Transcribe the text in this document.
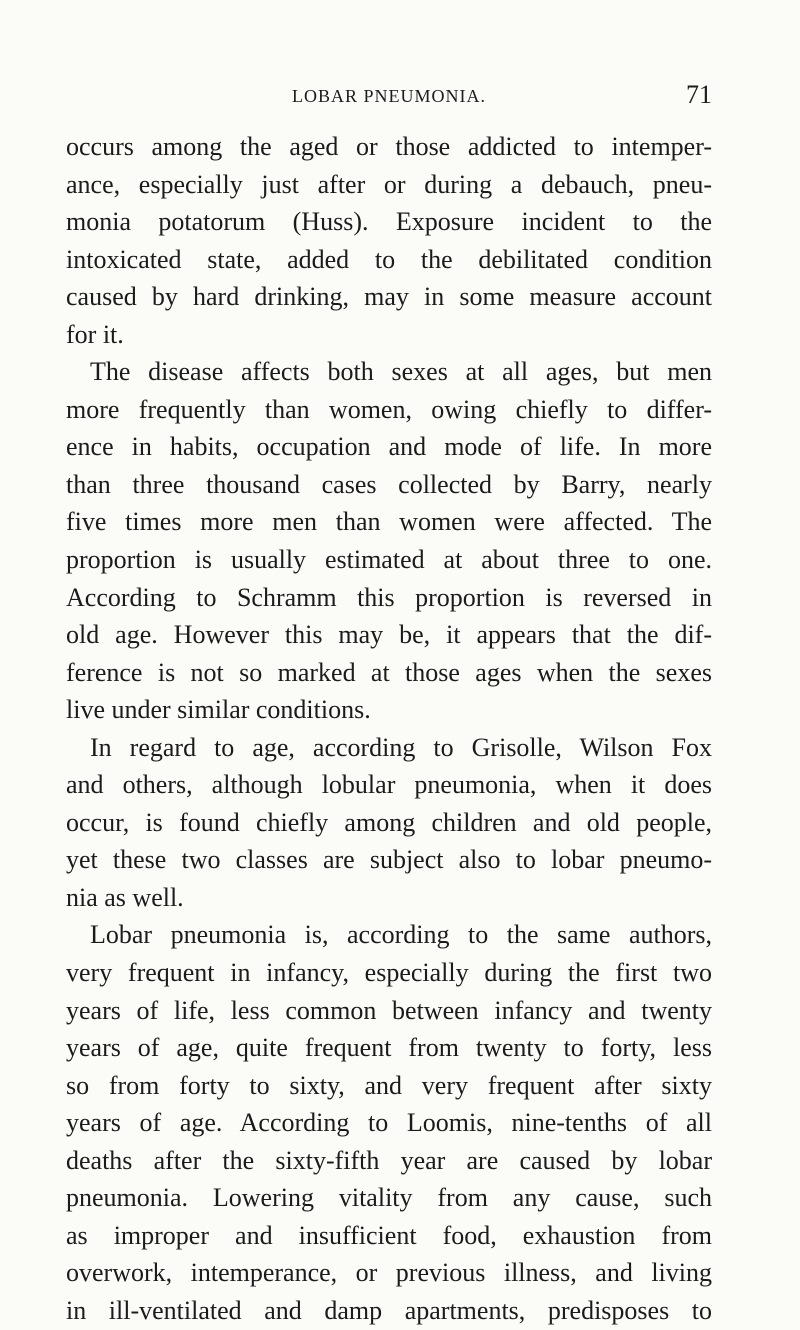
LOBAR PNEUMONIA.	71
occurs among the aged or those addicted to intemper-
ance, especially just after or during a debauch, pneu-
monia potatorum (Huss). Exposure incident to the
intoxicated state, added to the debilitated condition
caused by hard drinking, may in some measure account
for it.
The disease affects both sexes at all ages, but men
more frequently than women, owing chiefly to differ-
ence in habits, occupation and mode of life. In more
than three thousand cases collected by Barry, nearly
five times more men than women were affected. The
proportion is usually estimated at about three to one.
According to Schramm this proportion is reversed in
old age. However this may be, it appears that the dif-
ference is not so marked at those ages when the sexes
live under similar conditions.
In regard to age, according to Grisolle, Wilson Fox
and others, although lobular pneumonia, when it does
occur, is found chiefly among children and old people,
yet these two classes are subject also to lobar pneumo-
nia as well.
Lobar pneumonia is, according to the same authors,
very frequent in infancy, especially during the first two
years of life, less common between infancy and twenty
years of age, quite frequent from twenty to forty, less
so from forty to sixty, and very frequent after sixty
years of age. According to Loomis, nine-tenths of all
deaths after the sixty-fifth year are caused by lobar
pneumonia. Lowering vitality from any cause, such
as improper and insufficient food, exhaustion from
overwork, intemperance, or previous illness, and living
in ill-ventilated and damp apartments, predisposes to
